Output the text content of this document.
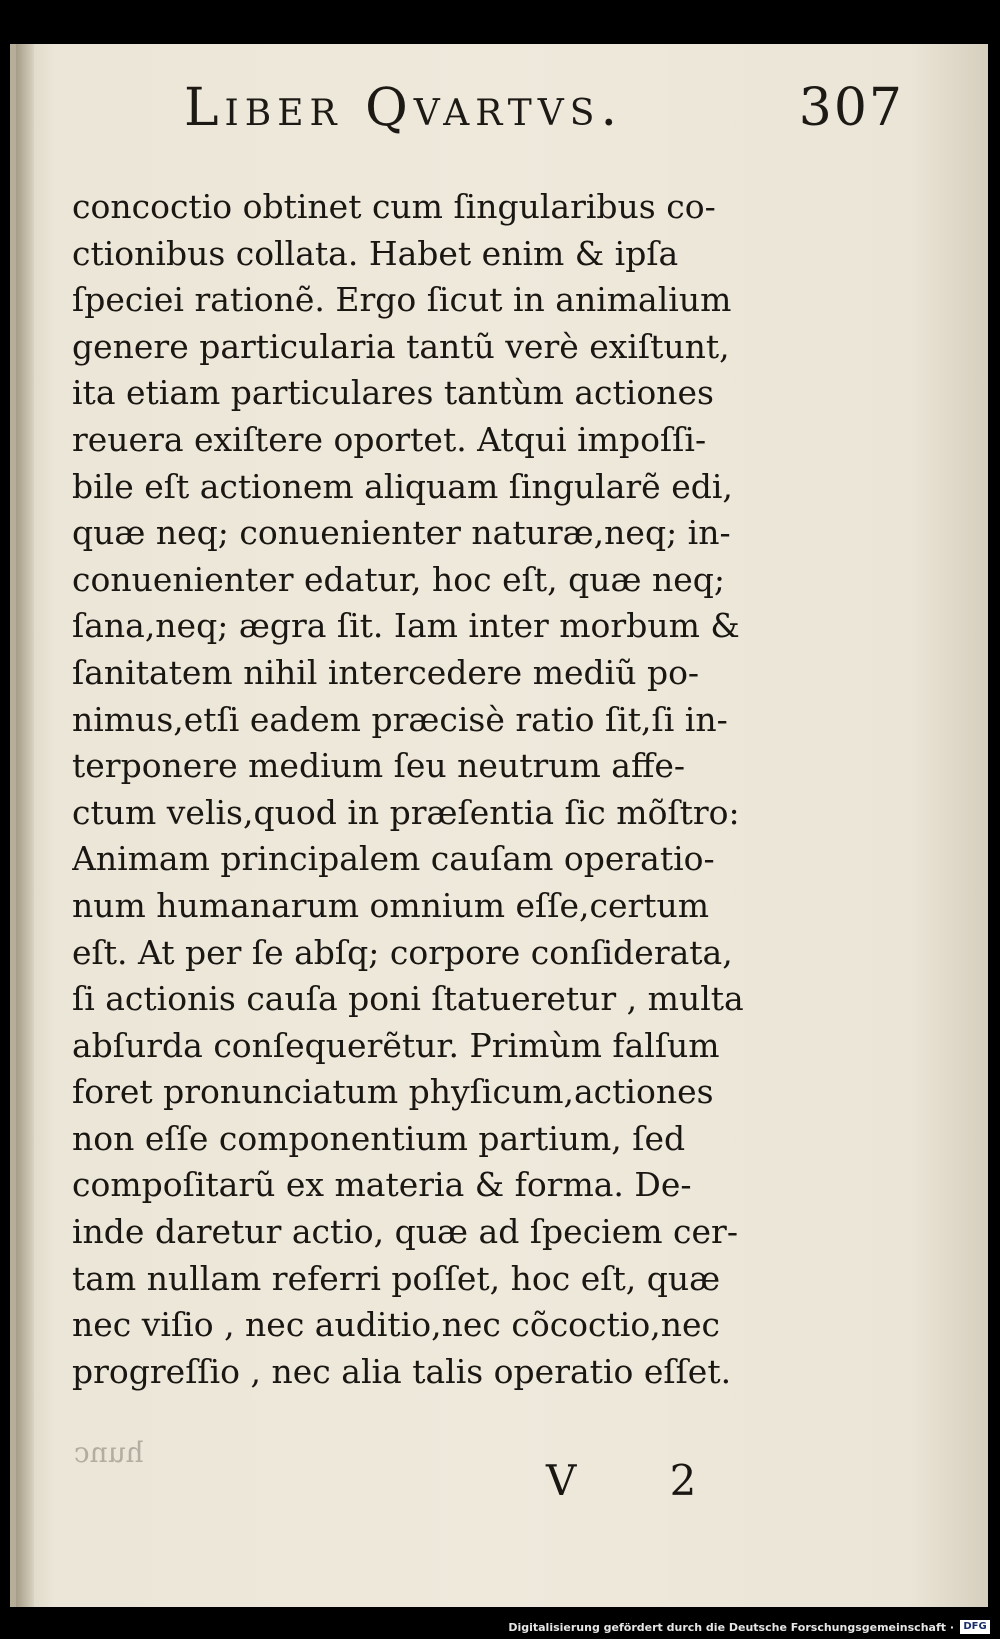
Liber Qvartvs.	307
concoctio obtinet cum ſingularibus co-
ctionibus collata. Habet enim & ipſa
ſpeciei rationẽ. Ergo ſicut in animalium
genere particularia tantũ verè exiſtunt,
ita etiam particulares tantùm actiones
reuera exiſtere oportet. Atqui impoſſi-
bile eſt actionem aliquam ſingularẽ edi,
quæ neq; conuenienter naturæ,neq; in-
conuenienter edatur, hoc eſt, quæ neq;
ſana,neq; ægra ſit. Iam inter morbum &
ſanitatem nihil intercedere mediũ po-
nimus,etſi eadem præcisè ratio ſit,ſi in-
terponere medium ſeu neutrum affe-
ctum velis,quod in præſentia ſic mõſtro:
Animam principalem cauſam operatio-
num humanarum omnium eſſe,certum
eſt. At per ſe abſq; corpore conſiderata,
ſi actionis cauſa poni ſtatueretur , multa
abſurda conſequerẽtur. Primùm falſum
foret pronunciatum phyſicum,actiones
non eſſe componentium partium, ſed
compoſitarũ ex materia & forma. De-
inde daretur actio, quæ ad ſpeciem cer-
tam nullam referri poſſet, hoc eſt, quæ
nec viſio , nec auditio,nec cõcoctio,nec
progreſſio , nec alia talis operatio eſſet.
hunc
V 2
Digitalisierung gefördert durch die Deutsche Forschungsgemeinschaft · DFG
